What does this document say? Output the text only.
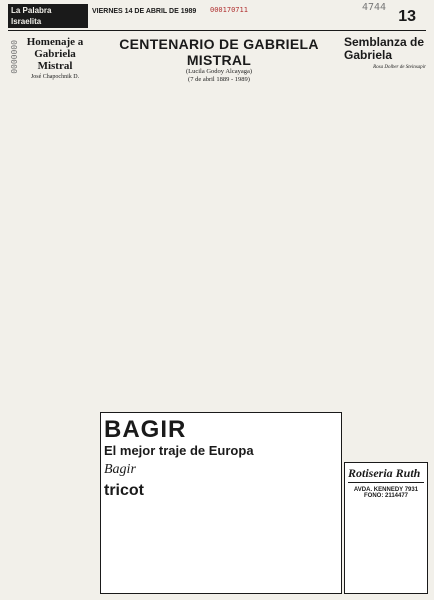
La Palabra
Israelita
VIERNES 14 DE ABRIL DE 1989	13
4744
000170711
0000000 Homenaje a Gabriela Mistral
José Chapochnik D.
CENTENARIO DE GABRIELA MISTRAL
(Lucila Godoy Alcayaga)
(7 de abril 1889 - 1989)
Semblanza de Gabriela
Rosa Dolber de Steinsapir
BAGIR
El mejor traje de Europa
Bagir
tricot
Rotiseria Ruth
AVDA. KENNEDY 7931
FONO: 2114477
